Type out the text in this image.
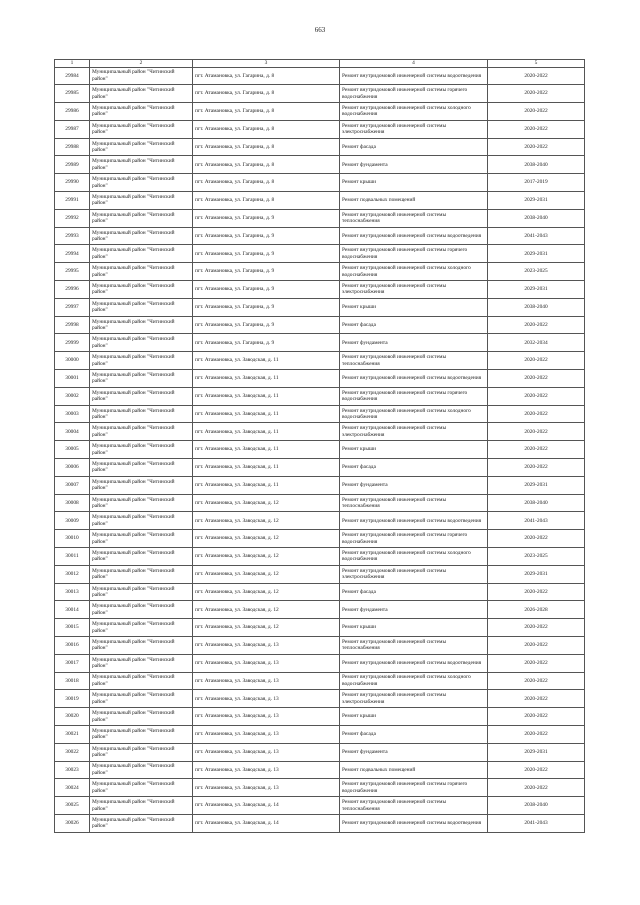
663
1	2	3	4	5
29984	Муниципальный район "Читинский район"	пгт. Атамановка, ул. Гагарина, д. 8	Ремонт внутридомовой инженерной системы водоотведения	2020-2022
29985	Муниципальный район "Читинский район"	пгт. Атамановка, ул. Гагарина, д. 8	Ремонт внутридомовой инженерной системы горячего водоснабжения	2020-2022
29986	Муниципальный район "Читинский район"	пгт. Атамановка, ул. Гагарина, д. 8	Ремонт внутридомовой инженерной системы холодного водоснабжения	2020-2022
29987	Муниципальный район "Читинский район"	пгт. Атамановка, ул. Гагарина, д. 8	Ремонт внутридомовой инженерной системы электроснабжения	2020-2022
29988	Муниципальный район "Читинский район"	пгт. Атамановка, ул. Гагарина, д. 8	Ремонт фасада	2020-2022
29989	Муниципальный район "Читинский район"	пгт. Атамановка, ул. Гагарина, д. 8	Ремонт фундамента	2038-2040
29990	Муниципальный район "Читинский район"	пгт. Атамановка, ул. Гагарина, д. 8	Ремонт крыши	2017-2019
29991	Муниципальный район "Читинский район"	пгт. Атамановка, ул. Гагарина, д. 8	Ремонт подвальных помещений	2029-2031
29992	Муниципальный район "Читинский район"	пгт. Атамановка, ул. Гагарина, д. 9	Ремонт внутридомовой инженерной системы теплоснабжения	2038-2040
29993	Муниципальный район "Читинский район"	пгт. Атамановка, ул. Гагарина, д. 9	Ремонт внутридомовой инженерной системы водоотведения	2041-2043
29994	Муниципальный район "Читинский район"	пгт. Атамановка, ул. Гагарина, д. 9	Ремонт внутридомовой инженерной системы горячего водоснабжения	2029-2031
29995	Муниципальный район "Читинский район"	пгт. Атамановка, ул. Гагарина, д. 9	Ремонт внутридомовой инженерной системы холодного водоснабжения	2023-2025
29996	Муниципальный район "Читинский район"	пгт. Атамановка, ул. Гагарина, д. 9	Ремонт внутридомовой инженерной системы электроснабжения	2029-2031
29997	Муниципальный район "Читинский район"	пгт. Атамановка, ул. Гагарина, д. 9	Ремонт крыши	2038-2040
29998	Муниципальный район "Читинский район"	пгт. Атамановка, ул. Гагарина, д. 9	Ремонт фасада	2020-2022
29999	Муниципальный район "Читинский район"	пгт. Атамановка, ул. Гагарина, д. 9	Ремонт фундамента	2032-2034
30000	Муниципальный район "Читинский район"	пгт. Атамановка, ул. Заводская, д. 11	Ремонт внутридомовой инженерной системы теплоснабжения	2020-2022
30001	Муниципальный район "Читинский район"	пгт. Атамановка, ул. Заводская, д. 11	Ремонт внутридомовой инженерной системы водоотведения	2020-2022
30002	Муниципальный район "Читинский район"	пгт. Атамановка, ул. Заводская, д. 11	Ремонт внутридомовой инженерной системы горячего водоснабжения	2020-2022
30003	Муниципальный район "Читинский район"	пгт. Атамановка, ул. Заводская, д. 11	Ремонт внутридомовой инженерной системы холодного водоснабжения	2020-2022
30004	Муниципальный район "Читинский район"	пгт. Атамановка, ул. Заводская, д. 11	Ремонт внутридомовой инженерной системы электроснабжения	2020-2022
30005	Муниципальный район "Читинский район"	пгт. Атамановка, ул. Заводская, д. 11	Ремонт крыши	2020-2022
30006	Муниципальный район "Читинский район"	пгт. Атамановка, ул. Заводская, д. 11	Ремонт фасада	2020-2022
30007	Муниципальный район "Читинский район"	пгт. Атамановка, ул. Заводская, д. 11	Ремонт фундамента	2029-2031
30008	Муниципальный район "Читинский район"	пгт. Атамановка, ул. Заводская, д. 12	Ремонт внутридомовой инженерной системы теплоснабжения	2038-2040
30009	Муниципальный район "Читинский район"	пгт. Атамановка, ул. Заводская, д. 12	Ремонт внутридомовой инженерной системы водоотведения	2041-2043
30010	Муниципальный район "Читинский район"	пгт. Атамановка, ул. Заводская, д. 12	Ремонт внутридомовой инженерной системы горячего водоснабжения	2020-2022
30011	Муниципальный район "Читинский район"	пгт. Атамановка, ул. Заводская, д. 12	Ремонт внутридомовой инженерной системы холодного водоснабжения	2023-2025
30012	Муниципальный район "Читинский район"	пгт. Атамановка, ул. Заводская, д. 12	Ремонт внутридомовой инженерной системы электроснабжения	2029-2031
30013	Муниципальный район "Читинский район"	пгт. Атамановка, ул. Заводская, д. 12	Ремонт фасада	2020-2022
30014	Муниципальный район "Читинский район"	пгт. Атамановка, ул. Заводская, д. 12	Ремонт фундамента	2026-2028
30015	Муниципальный район "Читинский район"	пгт. Атамановка, ул. Заводская, д. 12	Ремонт крыши	2020-2022
30016	Муниципальный район "Читинский район"	пгт. Атамановка, ул. Заводская, д. 13	Ремонт внутридомовой инженерной системы теплоснабжения	2020-2022
30017	Муниципальный район "Читинский район"	пгт. Атамановка, ул. Заводская, д. 13	Ремонт внутридомовой инженерной системы водоотведения	2020-2022
30018	Муниципальный район "Читинский район"	пгт. Атамановка, ул. Заводская, д. 13	Ремонт внутридомовой инженерной системы холодного водоснабжения	2020-2022
30019	Муниципальный район "Читинский район"	пгт. Атамановка, ул. Заводская, д. 13	Ремонт внутридомовой инженерной системы электроснабжения	2020-2022
30020	Муниципальный район "Читинский район"	пгт. Атамановка, ул. Заводская, д. 13	Ремонт крыши	2020-2022
30021	Муниципальный район "Читинский район"	пгт. Атамановка, ул. Заводская, д. 13	Ремонт фасада	2020-2022
30022	Муниципальный район "Читинский район"	пгт. Атамановка, ул. Заводская, д. 13	Ремонт фундамента	2029-2031
30023	Муниципальный район "Читинский район"	пгт. Атамановка, ул. Заводская, д. 13	Ремонт подвальных помещений	2020-2022
30024	Муниципальный район "Читинский район"	пгт. Атамановка, ул. Заводская, д. 13	Ремонт внутридомовой инженерной системы горячего водоснабжения	2020-2022
30025	Муниципальный район "Читинский район"	пгт. Атамановка, ул. Заводская, д. 14	Ремонт внутридомовой инженерной системы теплоснабжения	2038-2040
30026	Муниципальный район "Читинский район"	пгт. Атамановка, ул. Заводская, д. 14	Ремонт внутридомовой инженерной системы водоотведения	2041-2043
